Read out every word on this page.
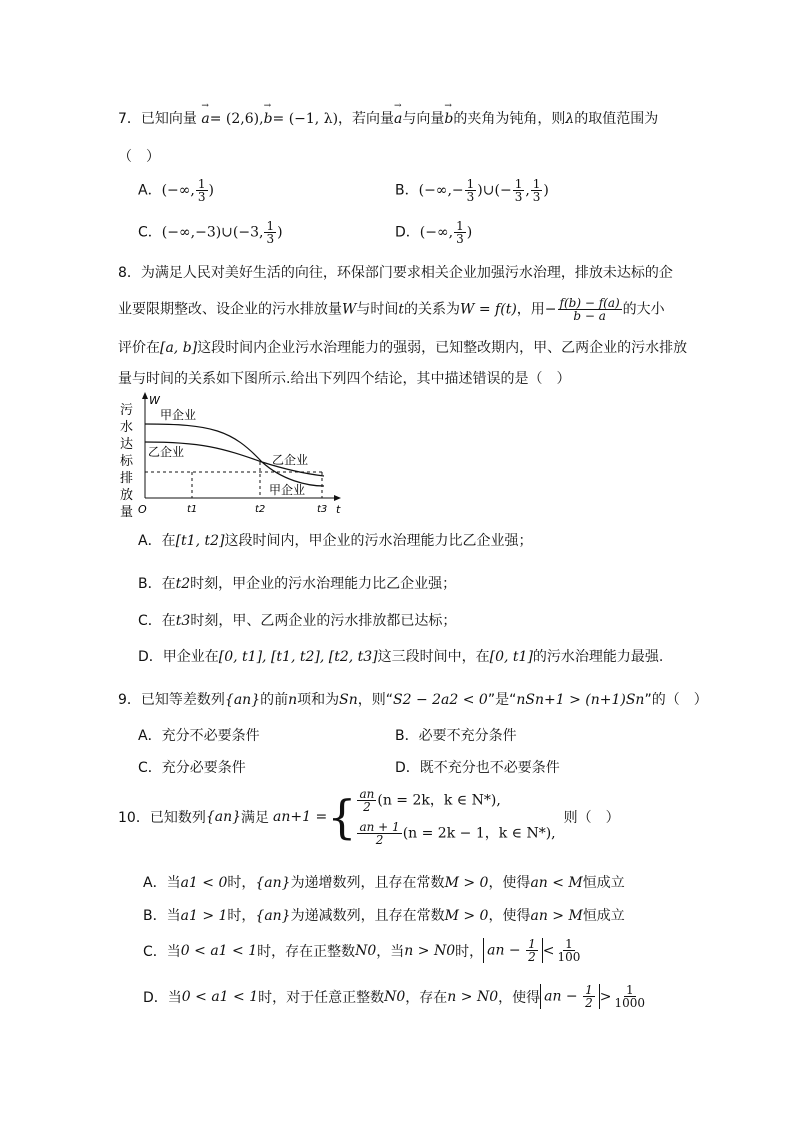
7．已知向量 → a= (2,6),→ b= (−1, λ)，若向量→ a与向量→ b的夹角为钝角，则λ的取值范围为
（　）
A．(−∞, $\frac{1}{3}$ )	B．(−∞,− $\frac{1}{3}$ )∪(− $\frac{1}{3}$ , $\frac{1}{3}$ )
C．(−∞,−3)∪(−3, $\frac{1}{3}$ )	D．(−∞, $\frac{1}{3}$ )
8．为满足人民对美好生活的向往，环保部门要求相关企业加强污水治理，排放未达标的企
业要限期整改、设企业的污水排放量W与时间t的关系为W = f(t)，用− $\frac{f(b) - f(a)}{b - a}$ 的大小
评价在[a, b]这段时间内企业污水治理能力的强弱，已知整改期内，甲、乙两企业的污水排放
量与时间的关系如下图所示.给出下列四个结论，其中描述错误的是（　）
污
水
达
标
排
放
量
W
t
O
甲企业
乙企业
乙企业
甲企业
t1	t2	t3
A．在[t1, t2]这段时间内，甲企业的污水治理能力比乙企业强；
B．在t2时刻，甲企业的污水治理能力比乙企业强；
C．在t3时刻，甲、乙两企业的污水排放都已达标；
D．甲企业在[0, t1], [t1, t2], [t2, t3]这三段时间中，在[0, t1]的污水治理能力最强.
9．已知等差数列{an}的前n项和为Sn，则“S2 − 2a2 < 0”是“nSn+1 > (n+1)Sn”的（　）
A．充分不必要条件	B．必要不充分条件
C．充分必要条件	D．既不充分也不必要条件
10．已知数列 {an} 满足 an+1 = { $\frac{an}{2} (n = 2k$，k ∈ N*),
$\frac{an + 1}{2} (n = 2k - 1$，k ∈ N*),
则（　）
A．当a1 < 0时，{an}为递增数列，且存在常数M > 0，使得an < M恒成立
B．当a1 > 1时，{an}为递减数列，且存在常数M > 0，使得an > M恒成立
C．当 0 < a1 < 1 时，存在正整数 N0 ，当 n > N0 时， an − $\frac{1}{2} < \frac{1}{100}$
D．当 0 < a1 < 1 时，对于任意正整数 N0 ，存在 n > N0 ，使得 an − $\frac{1}{2} > \frac{1}{1000}$
